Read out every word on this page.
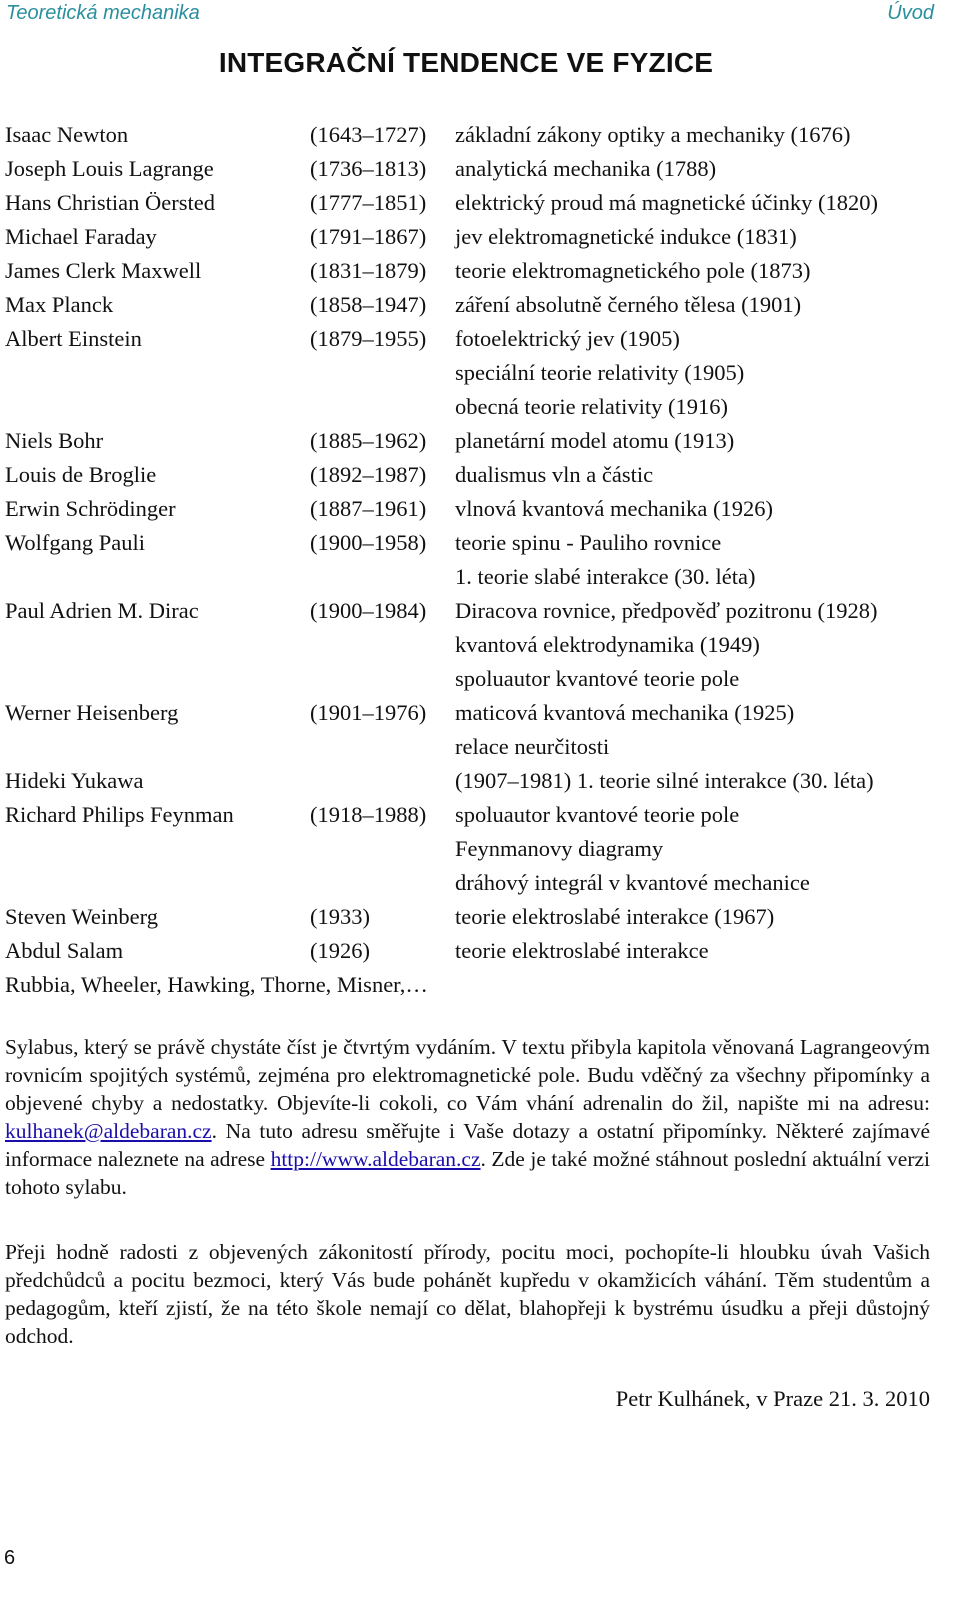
Teoretická mechanika	Úvod
INTEGRAČNÍ TENDENCE VE FYZICE
Isaac Newton	(1643–1727) základní zákony optiky a mechaniky (1676)
Joseph Louis Lagrange	(1736–1813) analytická mechanika (1788)
Hans Christian Öersted	(1777–1851) elektrický proud má magnetické účinky (1820)
Michael Faraday	(1791–1867) jev elektromagnetické indukce (1831)
James Clerk Maxwell	(1831–1879) teorie elektromagnetického pole (1873)
Max Planck	(1858–1947) záření absolutně černého tělesa (1901)
Albert Einstein	(1879–1955) fotoelektrický jev (1905)
speciální teorie relativity (1905)
obecná teorie relativity (1916)
Niels Bohr	(1885–1962) planetární model atomu (1913)
Louis de Broglie	(1892–1987) dualismus vln a částic
Erwin Schrödinger	(1887–1961) vlnová kvantová mechanika (1926)
Wolfgang Pauli	(1900–1958) teorie spinu - Pauliho rovnice
1. teorie slabé interakce (30. léta)
Paul Adrien M. Dirac	(1900–1984) Diracova rovnice, předpověď pozitronu (1928)
kvantová elektrodynamika (1949)
spoluautor kvantové teorie pole
Werner Heisenberg	(1901–1976) maticová kvantová mechanika (1925)
relace neurčitosti
Hideki Yukawa	(1907–1981) 1. teorie silné interakce (30. léta)
Richard Philips Feynman	(1918–1988) spoluautor kvantové teorie pole
Feynmanovy diagramy
dráhový integrál v kvantové mechanice
Steven Weinberg	(1933)	teorie elektroslabé interakce (1967)
Abdul Salam	(1926)	teorie elektroslabé interakce
Rubbia, Wheeler, Hawking, Thorne, Misner,…

Sylabus, který se právě chystáte číst je čtvrtým vydáním. V textu přibyla kapitola věnovaná Lagrangeovým rovnicím spojitých systémů, zejména pro elektromagnetické pole. Budu vděčný za všechny připomínky a objevené chyby a nedostatky. Objevíte-li cokoli, co Vám vhání adrenalin do žil, napište mi na adresu: kulhanek@aldebaran.cz. Na tuto adresu směřujte i Vaše dotazy a ostatní připomínky. Některé zajímavé informace naleznete na adrese http://www.aldebaran.cz. Zde je také možné stáhnout poslední aktuální verzi tohoto sylabu.

Přeji hodně radosti z objevených zákonitostí přírody, pocitu moci, pochopíte-li hloubku úvah Vašich předchůdců a pocitu bezmoci, který Vás bude pohánět kupředu v okamžicích váhání. Těm studentům a pedagogům, kteří zjistí, že na této škole nemají co dělat, blahopřeji k bystrému úsudku a přeji důstojný odchod.

Petr Kulhánek, v Praze 21. 3. 2010
6
